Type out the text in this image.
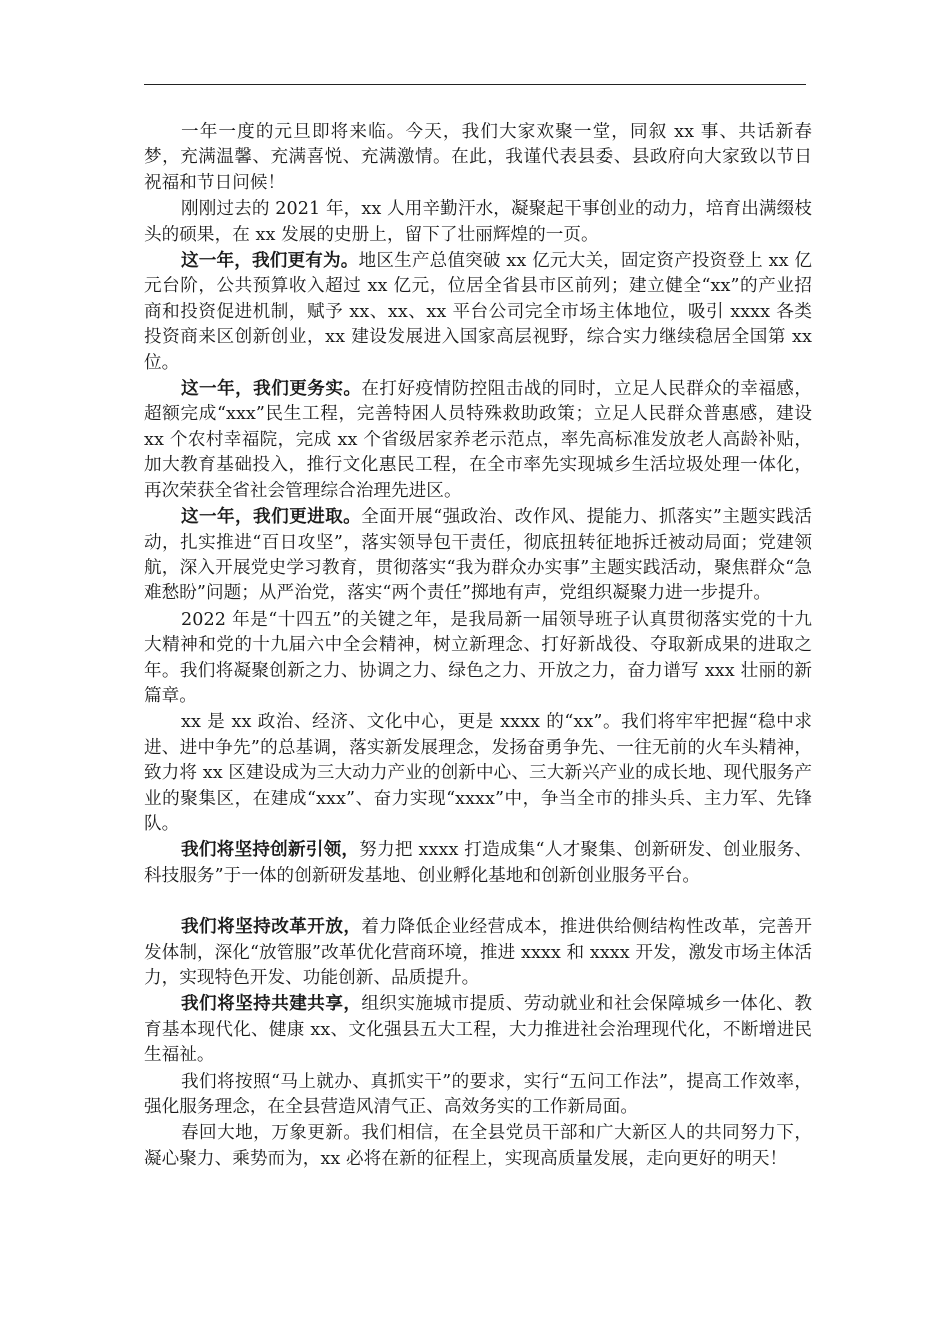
一年一度的元旦即将来临。今天，我们大家欢聚一堂，同叙 xx 事、共话新春梦，充满温馨、充满喜悦、充满激情。在此，我谨代表县委、县政府向大家致以节日祝福和节日问候！

刚刚过去的 2021 年，xx 人用辛勤汗水，凝聚起干事创业的动力，培育出满缀枝头的硕果，在 xx 发展的史册上，留下了壮丽辉煌的一页。

这一年，我们更有为。地区生产总值突破 xx 亿元大关，固定资产投资登上 xx 亿元台阶，公共预算收入超过 xx 亿元，位居全省县市区前列；建立健全“xx”的产业招商和投资促进机制，赋予 xx、xx、xx 平台公司完全市场主体地位，吸引 xxxx 各类投资商来区创新创业，xx 建设发展进入国家高层视野，综合实力继续稳居全国第 xx 位。

这一年，我们更务实。在打好疫情防控阻击战的同时，立足人民群众的幸福感，超额完成“xxx”民生工程，完善特困人员特殊救助政策；立足人民群众普惠感，建设 xx 个农村幸福院，完成 xx 个省级居家养老示范点，率先高标准发放老人高龄补贴，加大教育基础投入，推行文化惠民工程，在全市率先实现城乡生活垃圾处理一体化，再次荣获全省社会管理综合治理先进区。

这一年，我们更进取。全面开展“强政治、改作风、提能力、抓落实”主题实践活动，扎实推进“百日攻坚”，落实领导包干责任，彻底扭转征地拆迁被动局面；党建领航，深入开展党史学习教育，贯彻落实“我为群众办实事”主题实践活动，聚焦群众“急难愁盼”问题；从严治党，落实“两个责任”掷地有声，党组织凝聚力进一步提升。

2022 年是“十四五”的关键之年，是我局新一届领导班子认真贯彻落实党的十九大精神和党的十九届六中全会精神，树立新理念、打好新战役、夺取新成果的进取之年。我们将凝聚创新之力、协调之力、绿色之力、开放之力，奋力谱写 xxx 壮丽的新篇章。

xx 是 xx 政治、经济、文化中心，更是 xxxx 的“xx”。我们将牢牢把握“稳中求进、进中争先”的总基调，落实新发展理念，发扬奋勇争先、一往无前的火车头精神，致力将 xx 区建设成为三大动力产业的创新中心、三大新兴产业的成长地、现代服务产业的聚集区，在建成“xxx”、奋力实现“xxxx”中，争当全市的排头兵、主力军、先锋队。

我们将坚持创新引领，努力把 xxxx 打造成集“人才聚集、创新研发、创业服务、科技服务”于一体的创新研发基地、创业孵化基地和创新创业服务平台。

我们将坚持改革开放，着力降低企业经营成本，推进供给侧结构性改革，完善开发体制，深化“放管服”改革优化营商环境，推进 xxxx 和 xxxx 开发，激发市场主体活力，实现特色开发、功能创新、品质提升。

我们将坚持共建共享，组织实施城市提质、劳动就业和社会保障城乡一体化、教育基本现代化、健康 xx、文化强县五大工程，大力推进社会治理现代化，不断增进民生福祉。

我们将按照“马上就办、真抓实干”的要求，实行“五问工作法”，提高工作效率，强化服务理念，在全县营造风清气正、高效务实的工作新局面。

春回大地，万象更新。我们相信，在全县党员干部和广大新区人的共同努力下，凝心聚力、乘势而为，xx 必将在新的征程上，实现高质量发展，走向更好的明天！
